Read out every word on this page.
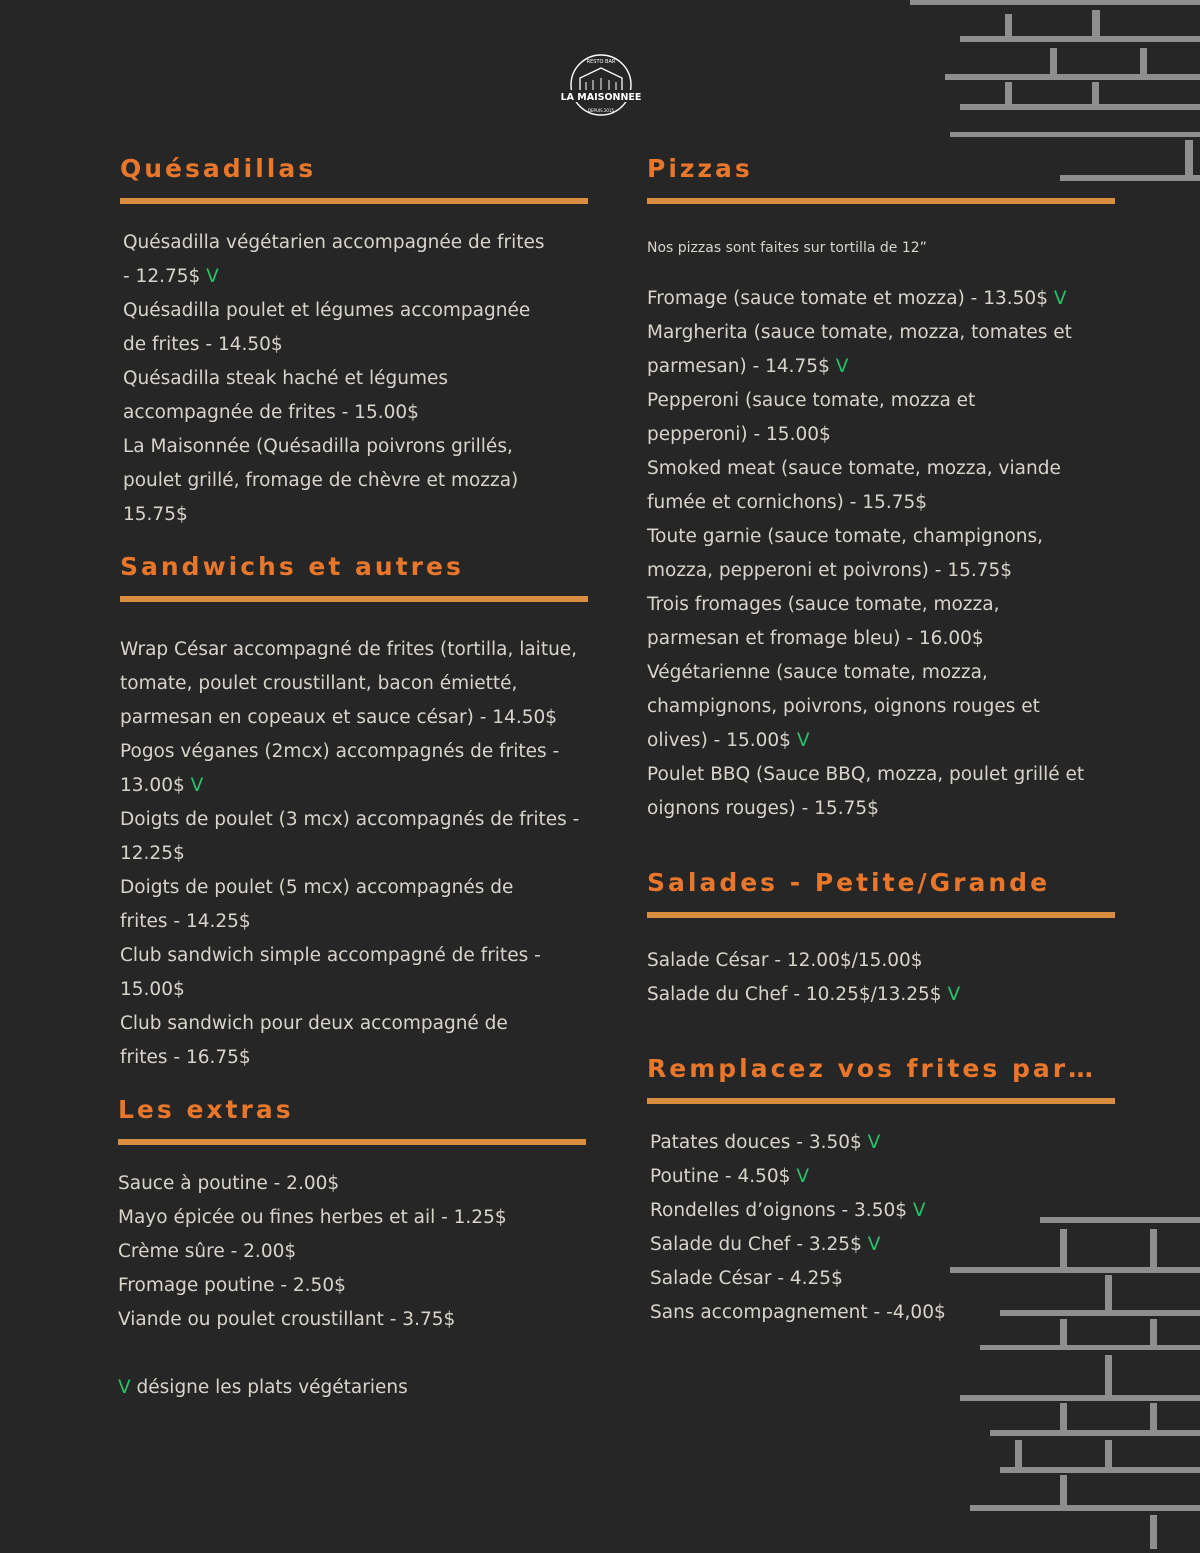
RESTO BAR
LA MAISONNEE
DEPUIS 2015
Quésadillas
Quésadilla végétarien accompagnée de frites
- 12.75$ V
Quésadilla poulet et légumes accompagnée
de frites - 14.50$
Quésadilla steak haché et légumes
accompagnée de frites - 15.00$
La Maisonnée (Quésadilla poivrons grillés,
poulet grillé, fromage de chèvre et mozza)
15.75$
Sandwichs et autres
Wrap César accompagné de frites (tortilla, laitue,
tomate, poulet croustillant, bacon émietté,
parmesan en copeaux et sauce césar) - 14.50$
Pogos véganes (2mcx) accompagnés de frites -
13.00$ V
Doigts de poulet (3 mcx) accompagnés de frites -
12.25$
Doigts de poulet (5 mcx) accompagnés de
frites - 14.25$
Club sandwich simple accompagné de frites -
15.00$
Club sandwich pour deux accompagné de
frites - 16.75$
Les extras
Sauce à poutine - 2.00$
Mayo épicée ou fines herbes et ail - 1.25$
Crème sûre - 2.00$
Fromage poutine - 2.50$
Viande ou poulet croustillant - 3.75$
V désigne les plats végétariens
Pizzas
Nos pizzas sont faites sur tortilla de 12”
Fromage (sauce tomate et mozza) - 13.50$ V
Margherita (sauce tomate, mozza, tomates et
parmesan) - 14.75$ V
Pepperoni (sauce tomate, mozza et
pepperoni) - 15.00$
Smoked meat (sauce tomate, mozza, viande
fumée et cornichons) - 15.75$
Toute garnie (sauce tomate, champignons,
mozza, pepperoni et poivrons) - 15.75$
Trois fromages (sauce tomate, mozza,
parmesan et fromage bleu) - 16.00$
Végétarienne (sauce tomate, mozza,
champignons, poivrons, oignons rouges et
olives) - 15.00$ V
Poulet BBQ (Sauce BBQ, mozza, poulet grillé et
oignons rouges) - 15.75$
Salades - Petite/Grande
Salade César - 12.00$/15.00$
Salade du Chef - 10.25$/13.25$ V
Remplacez vos frites par…
Patates douces - 3.50$ V
Poutine - 4.50$ V
Rondelles d’oignons - 3.50$ V
Salade du Chef - 3.25$ V
Salade César - 4.25$
Sans accompagnement - -4,00$
